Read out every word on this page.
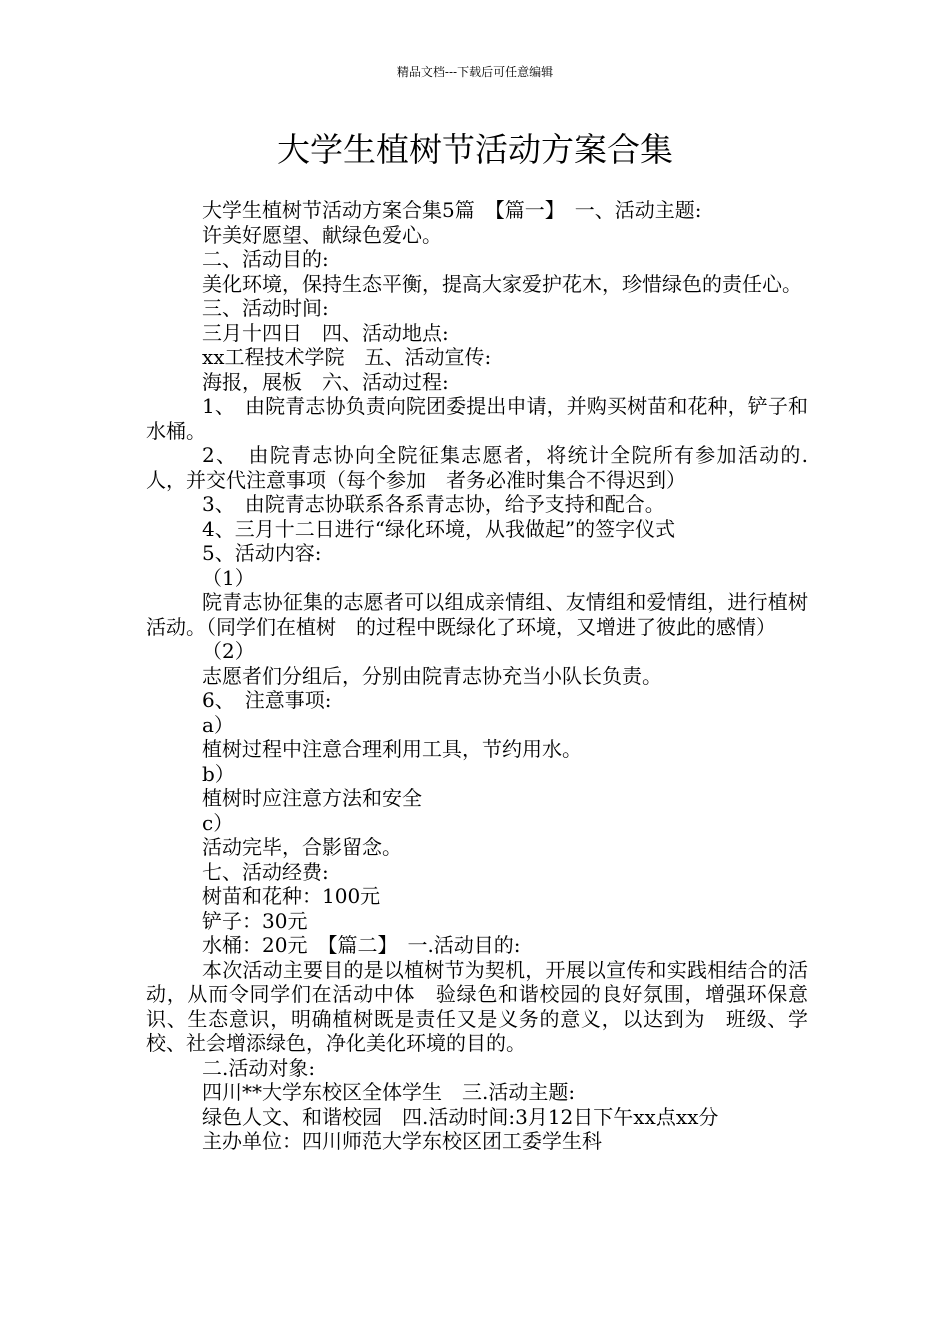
精品文档---下载后可任意编辑
大学生植树节活动方案合集

大学生植树节活动方案合集5篇　【篇一】　一、活动主题:

许美好愿望、献绿色爱心。

二、活动目的:

美化环境，保持生态平衡，提高大家爱护花木，珍惜绿色的责任心。

三、活动时间:

三月十四日　四、活动地点:

xx工程技术学院　五、活动宣传:

海报，展板　六、活动过程:

1、　由院青志协负责向院团委提出申请，并购买树苗和花种，铲子和水桶。

2、　由院青志协向全院征集志愿者，将统计全院所有参加活动的.人，并交代注意事项（每个参加　者务必准时集合不得迟到）

3、　由院青志协联系各系青志协，给予支持和配合。

4、三月十二日进行“绿化环境，从我做起”的签字仪式

5、活动内容:

（1）

院青志协征集的志愿者可以组成亲情组、友情组和爱情组，进行植树活动。（同学们在植树　的过程中既绿化了环境，又增进了彼此的感情）

（2）

志愿者们分组后，分别由院青志协充当小队长负责。

6、　注意事项:

a）

植树过程中注意合理利用工具，节约用水。

b）

植树时应注意方法和安全

c）

活动完毕，合影留念。

七、活动经费:

树苗和花种：100元

铲子：30元

水桶：20元　【篇二】　一.活动目的:

本次活动主要目的是以植树节为契机，开展以宣传和实践相结合的活动，从而令同学们在活动中体　验绿色和谐校园的良好氛围，增强环保意识、生态意识，明确植树既是责任又是义务的意义，以达到为　班级、学校、社会增添绿色，净化美化环境的目的。

二.活动对象:

四川**大学东校区全体学生　三.活动主题:

绿色人文、和谐校园　四.活动时间:3月12日下午xx点xx分

主办单位：四川师范大学东校区团工委学生科
